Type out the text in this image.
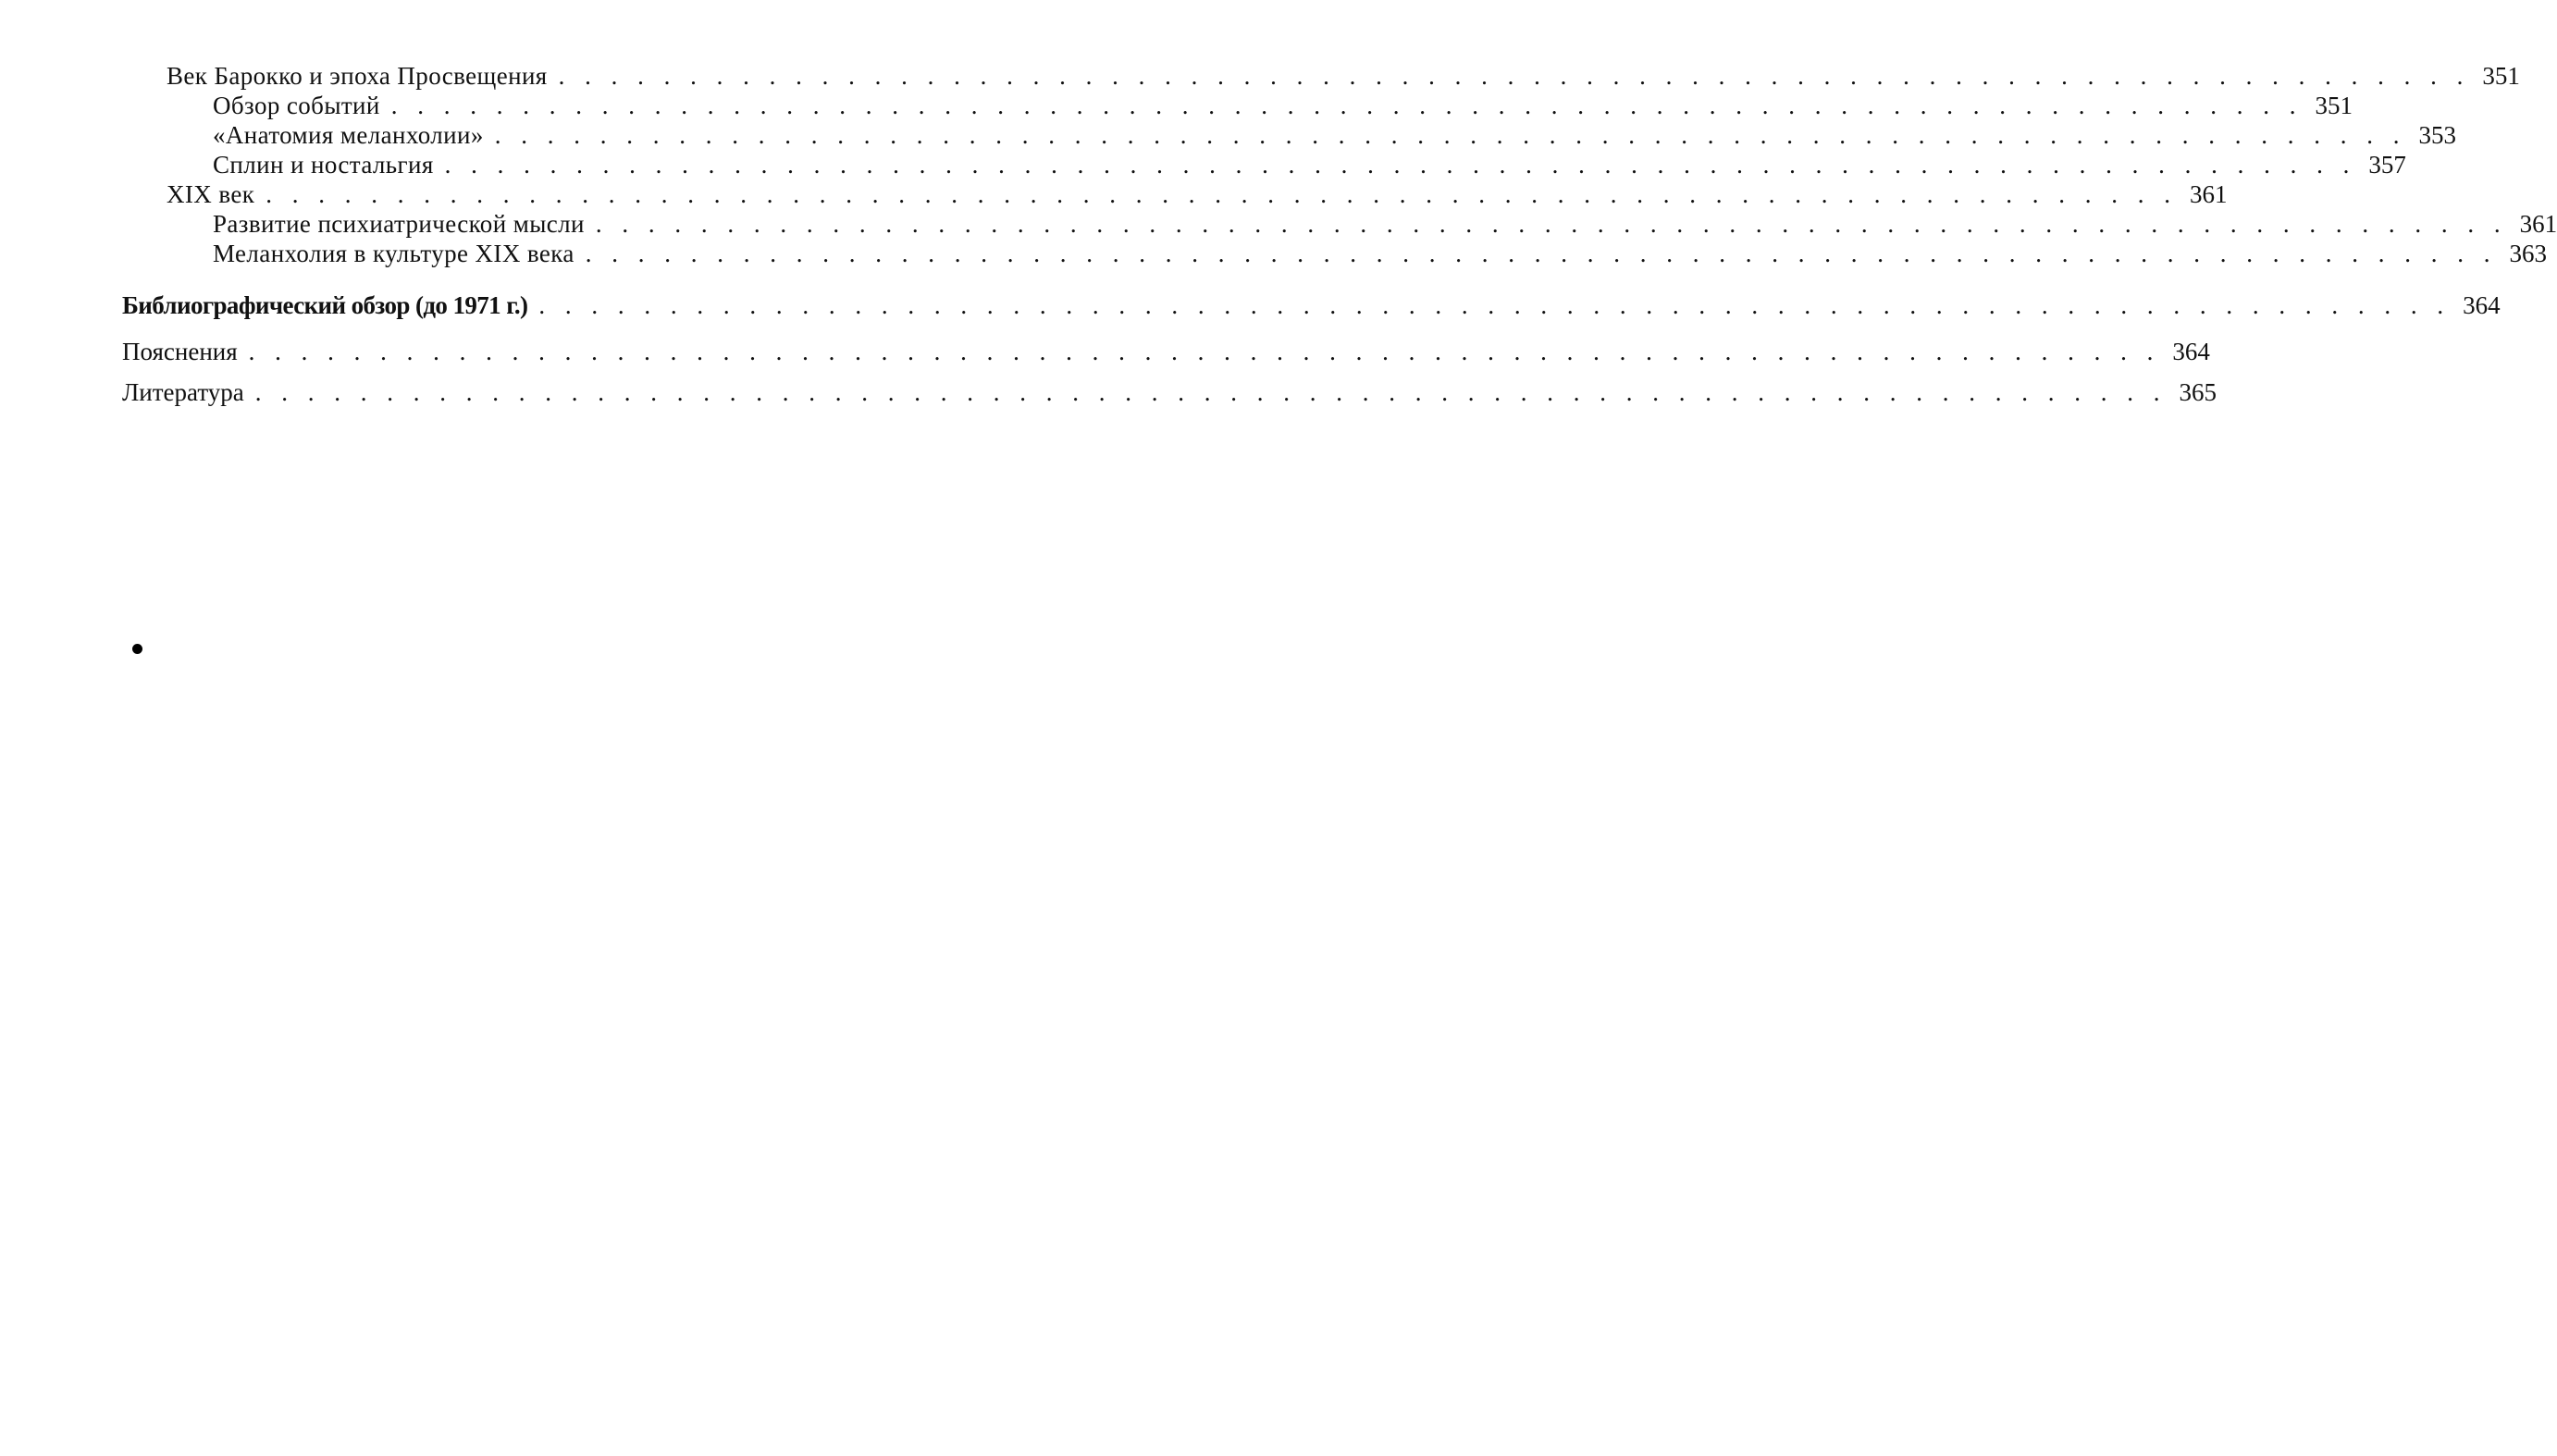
Век Барокко и эпоха Просвещения . . . . . . . . . . . . . . . . . . . . . . . . . . . . . . . . . . . . . . . . . . . . . . . . . . . . . . . . . . . . . . . . . . . . . . . . . 351
Обзор событий . . . . . . . . . . . . . . . . . . . . . . . . . . . . . . . . . . . . . . . . . . . . . . . . . . . . . . . . . . . . . . . . . . . . . . . . . 351
«Анатомия меланхолии» . . . . . . . . . . . . . . . . . . . . . . . . . . . . . . . . . . . . . . . . . . . . . . . . . . . . . . . . . . . . . . . . . . . . . . . . . 353
Сплин и ностальгия . . . . . . . . . . . . . . . . . . . . . . . . . . . . . . . . . . . . . . . . . . . . . . . . . . . . . . . . . . . . . . . . . . . . . . . . . 357
XIX век . . . . . . . . . . . . . . . . . . . . . . . . . . . . . . . . . . . . . . . . . . . . . . . . . . . . . . . . . . . . . . . . . . . . . . . . . 361
Развитие психиатрической мысли . . . . . . . . . . . . . . . . . . . . . . . . . . . . . . . . . . . . . . . . . . . . . . . . . . . . . . . . . . . . . . . . . . . . . . . . . 361
Меланхолия в культуре XIX века . . . . . . . . . . . . . . . . . . . . . . . . . . . . . . . . . . . . . . . . . . . . . . . . . . . . . . . . . . . . . . . . . . . . . . . . . 363
Библиографический обзор (до 1971 г.) . . . . . . . . . . . . . . . . . . . . . . . . . . . . . . . . . . . . . . . . . . . . . . . . . . . . . . . . . . . . . . . . . . . . . . . . . 364
Пояснения . . . . . . . . . . . . . . . . . . . . . . . . . . . . . . . . . . . . . . . . . . . . . . . . . . . . . . . . . . . . . . . . . . . . . . . . . 364
Литература . . . . . . . . . . . . . . . . . . . . . . . . . . . . . . . . . . . . . . . . . . . . . . . . . . . . . . . . . . . . . . . . . . . . . . . . . 365
